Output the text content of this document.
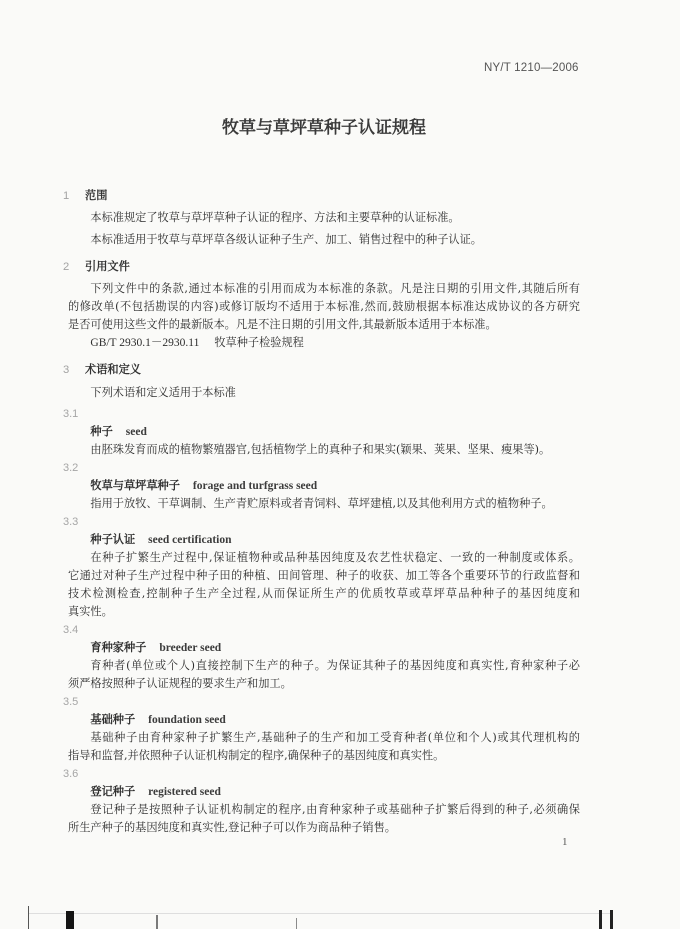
NY/T 1210—2006
牧草与草坪草种子认证规程
1	范围
本标准规定了牧草与草坪草种子认证的程序、方法和主要草种的认证标准。
本标准适用于牧草与草坪草各级认证种子生产、加工、销售过程中的种子认证。
2	引用文件
下列文件中的条款,通过本标准的引用而成为本标准的条款。凡是注日期的引用文件,其随后所有
的修改单(不包括勘误的内容)或修订版均不适用于本标准,然而,鼓励根据本标准达成协议的各方研究
是否可使用这些文件的最新版本。凡是不注日期的引用文件,其最新版本适用于本标准。
GB/T 2930.1－2930.11 牧草种子检验规程
3	术语和定义
下列术语和定义适用于本标准
3.1
种子 seed
由胚珠发育而成的植物繁殖器官,包括植物学上的真种子和果实(颖果、荚果、坚果、瘦果等)。
3.2
牧草与草坪草种子 forage and turfgrass seed
指用于放牧、干草调制、生产青贮原料或者青饲料、草坪建植,以及其他利用方式的植物种子。
3.3
种子认证 seed certification
在种子扩繁生产过程中,保证植物种或品种基因纯度及农艺性状稳定、一致的一种制度或体系。
它通过对种子生产过程中种子田的种植、田间管理、种子的收获、加工等各个重要环节的行政监督和
技术检测检查,控制种子生产全过程,从而保证所生产的优质牧草或草坪草品种种子的基因纯度和
真实性。
3.4
育种家种子 breeder seed
育种者(单位或个人)直接控制下生产的种子。为保证其种子的基因纯度和真实性,育种家种子必
须严格按照种子认证规程的要求生产和加工。
3.5
基础种子 foundation seed
基础种子由育种家种子扩繁生产,基础种子的生产和加工受育种者(单位和个人)或其代理机构的
指导和监督,并依照种子认证机构制定的程序,确保种子的基因纯度和真实性。
3.6
登记种子 registered seed
登记种子是按照种子认证机构制定的程序,由育种家种子或基础种子扩繁后得到的种子,必须确保
所生产种子的基因纯度和真实性,登记种子可以作为商品种子销售。
1
